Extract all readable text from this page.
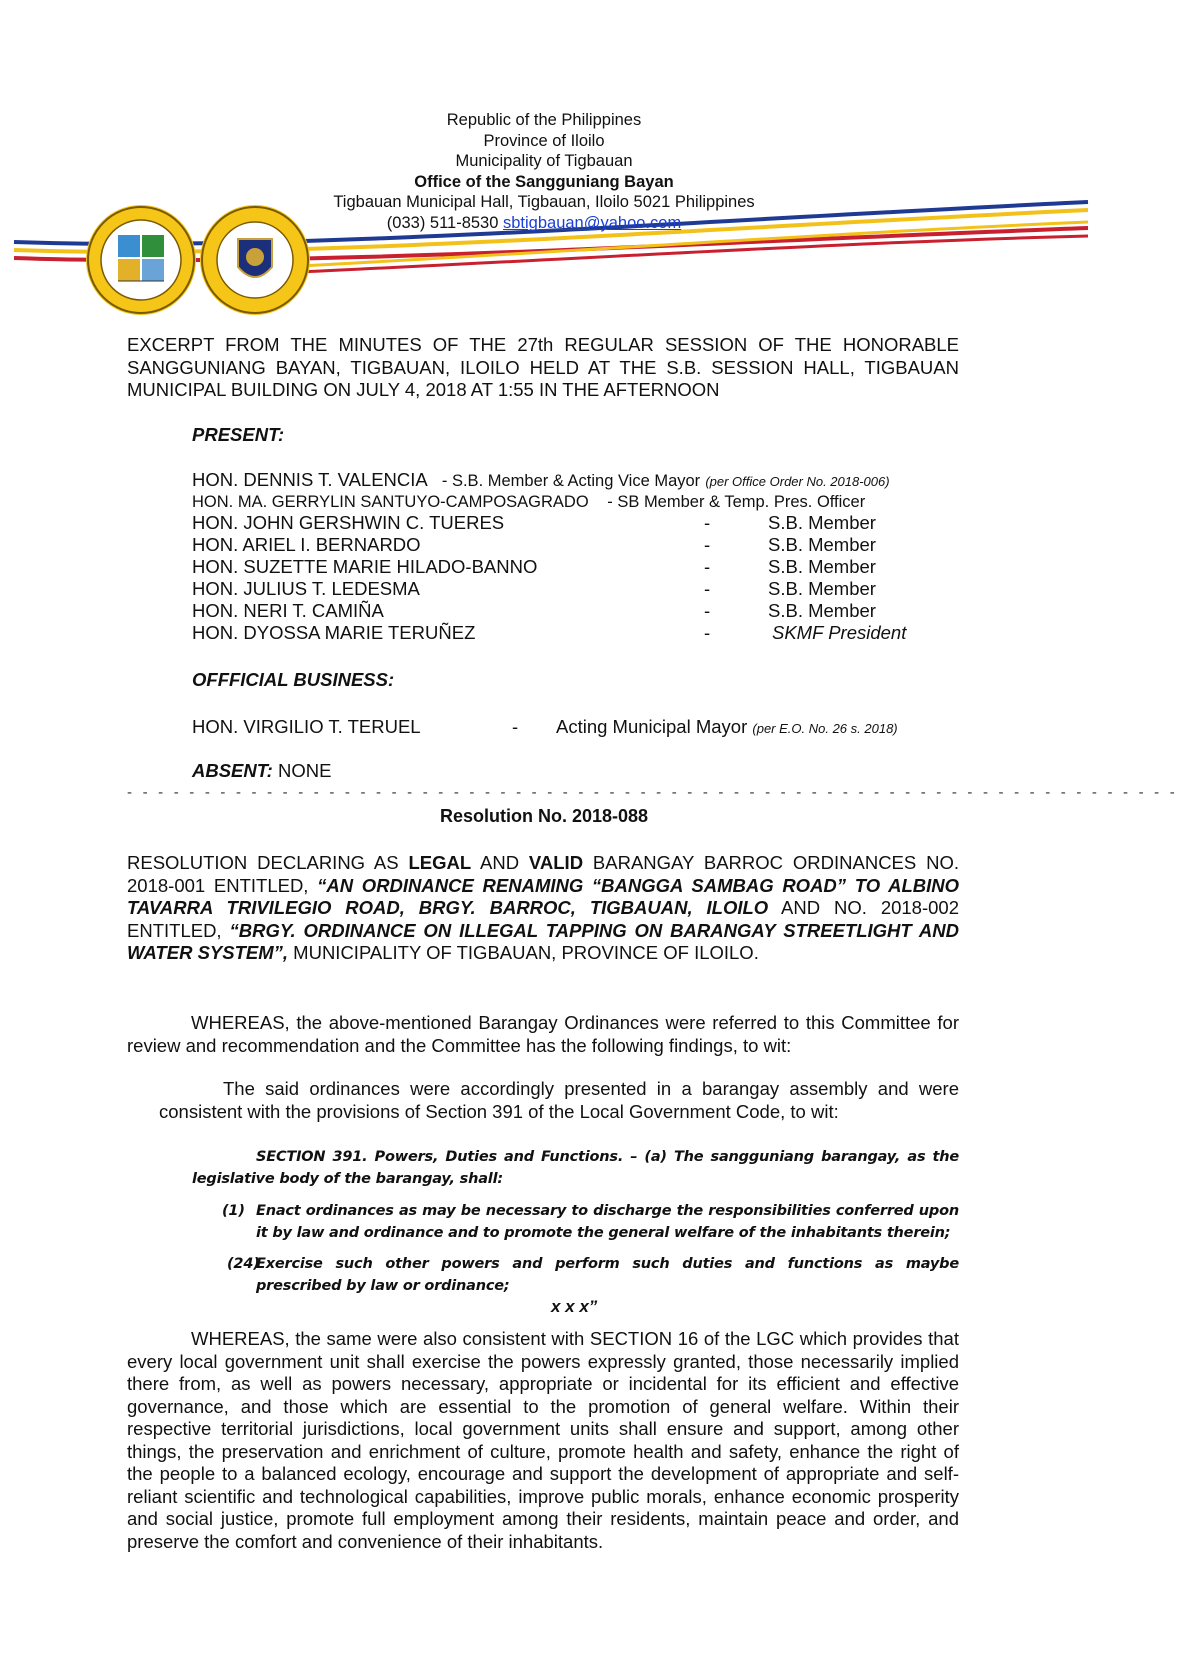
Republic of the Philippines
Province of Iloilo
Municipality of Tigbauan
Office of the Sangguniang Bayan
Tigbauan Municipal Hall, Tigbauan, Iloilo 5021 Philippines
(033) 511-8530 sbtigbauan@yahoo.com
EXCERPT FROM THE MINUTES OF THE 27th REGULAR SESSION OF THE HONORABLE SANGGUNIANG BAYAN, TIGBAUAN, ILOILO HELD AT THE S.B. SESSION HALL, TIGBAUAN MUNICIPAL BUILDING ON JULY 4, 2018 AT 1:55 IN THE AFTERNOON
PRESENT:
HON. DENNIS T. VALENCIA - S.B. Member & Acting Vice Mayor (per Office Order No. 2018-006)
HON. MA. GERRYLIN SANTUYO-CAMPOSAGRADO - SB Member & Temp. Pres. Officer
HON. JOHN GERSHWIN C. TUERES	-	S.B. Member
HON. ARIEL I. BERNARDO	-	S.B. Member
HON. SUZETTE MARIE HILADO-BANNO	-	S.B. Member
HON. JULIUS T. LEDESMA	-	S.B. Member
HON. NERI T. CAMIÑA	-	S.B. Member
HON. DYOSSA MARIE TERUÑEZ	-	SKMF President
OFFFICIAL BUSINESS:
HON. VIRGILIO T. TERUEL	- Acting Municipal Mayor (per E.O. No. 26 s. 2018)
ABSENT: NONE
- - - - - - - - - - - - - - - - - - - - - - - - - - - - - - - - - - - - - - - - - - - - - - - - - - - - - - - - - - - - - - - - - - - -
Resolution No. 2018-088
RESOLUTION DECLARING AS LEGAL AND VALID BARANGAY BARROC ORDINANCES NO. 2018-001 ENTITLED, “AN ORDINANCE RENAMING “BANGGA SAMBAG ROAD” TO ALBINO TAVARRA TRIVILEGIO ROAD, BRGY. BARROC, TIGBAUAN, ILOILO AND NO. 2018-002 ENTITLED, “BRGY. ORDINANCE ON ILLEGAL TAPPING ON BARANGAY STREETLIGHT AND WATER SYSTEM”, MUNICIPALITY OF TIGBAUAN, PROVINCE OF ILOILO.
WHEREAS, the above-mentioned Barangay Ordinances were referred to this Committee for review and recommendation and the Committee has the following findings, to wit:
The said ordinances were accordingly presented in a barangay assembly and were consistent with the provisions of Section 391 of the Local Government Code, to wit:
SECTION 391. Powers, Duties and Functions. – (a) The sangguniang barangay, as the legislative body of the barangay, shall:
(1) Enact ordinances as may be necessary to discharge the responsibilities conferred upon it by law and ordinance and to promote the general welfare of the inhabitants therein;
(24)
Exercise such other powers and perform such duties and functions as maybe prescribed by law or ordinance;
x x x”
WHEREAS, the same were also consistent with SECTION 16 of the LGC which provides that every local government unit shall exercise the powers expressly granted, those necessarily implied there from, as well as powers necessary, appropriate or incidental for its efficient and effective governance, and those which are essential to the promotion of general welfare. Within their respective territorial jurisdictions, local government units shall ensure and support, among other things, the preservation and enrichment of culture, promote health and safety, enhance the right of the people to a balanced ecology, encourage and support the development of appropriate and self-reliant scientific and technological capabilities, improve public morals, enhance economic prosperity and social justice, promote full employment among their residents, maintain peace and order, and preserve the comfort and convenience of their inhabitants.
